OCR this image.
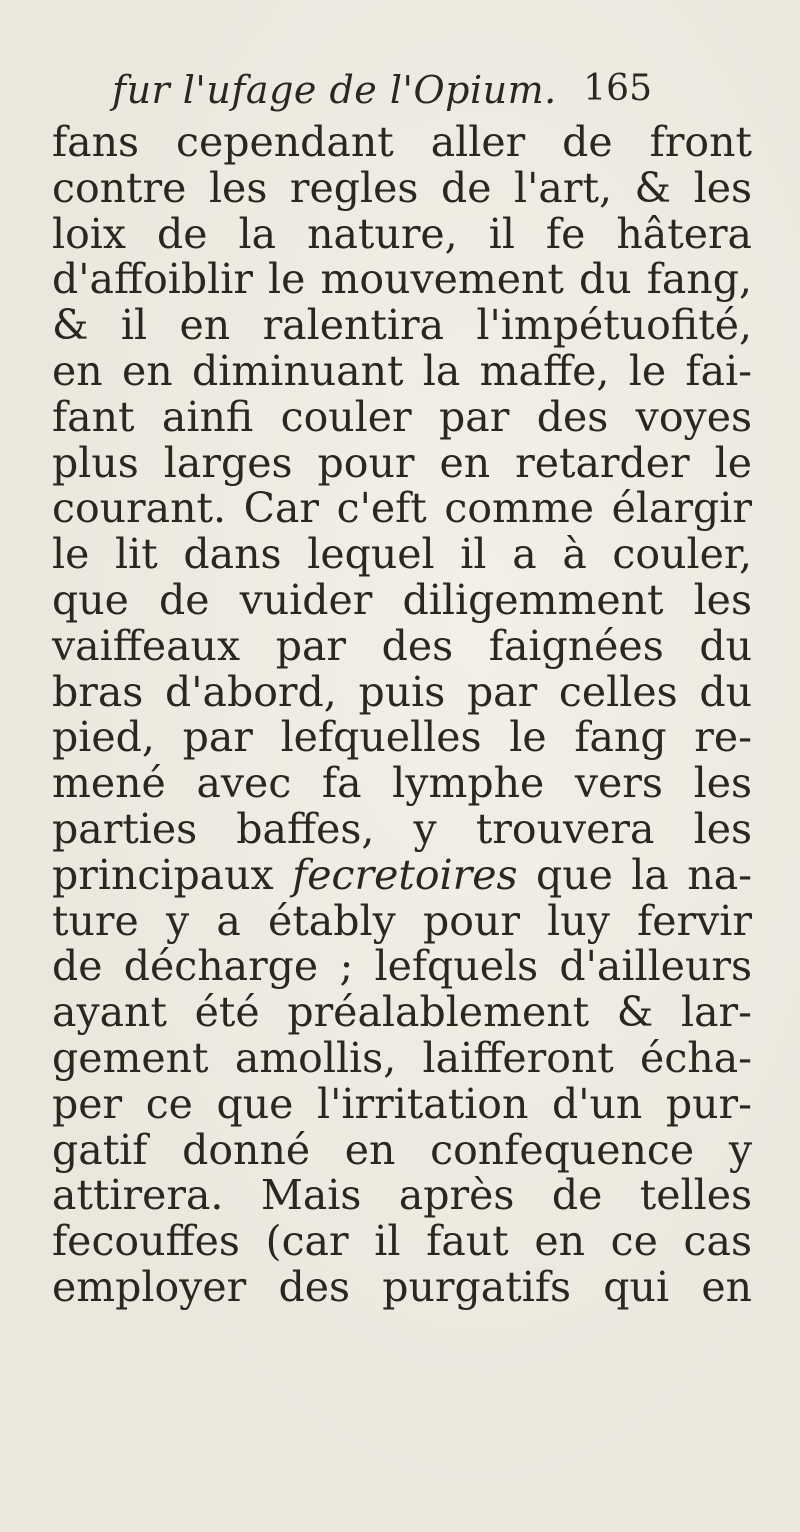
fur l'ufage de l'Opium. 165
fans cependant aller de front
contre les regles de l'art, & les
loix de la nature, il fe hâtera
d'affoiblir le mouvement du fang,
& il en ralentira l'impétuofité,
en en diminuant la maffe, le fai-
fant ainfi couler par des voyes
plus larges pour en retarder le
courant. Car c'eft comme élargir
le lit dans lequel il a à couler,
que de vuider diligemment les
vaiffeaux par des faignées du
bras d'abord, puis par celles du
pied, par lefquelles le fang re-
mené avec fa lymphe vers les
parties baffes, y trouvera les
principaux fecretoires que la na-
ture y a étably pour luy fervir
de décharge ; lefquels d'ailleurs
ayant été préalablement & lar-
gement amollis, laifferont écha-
per ce que l'irritation d'un pur-
gatif donné en confequence y
attirera. Mais après de telles
fecouffes (car il faut en ce cas
employer des purgatifs qui en
